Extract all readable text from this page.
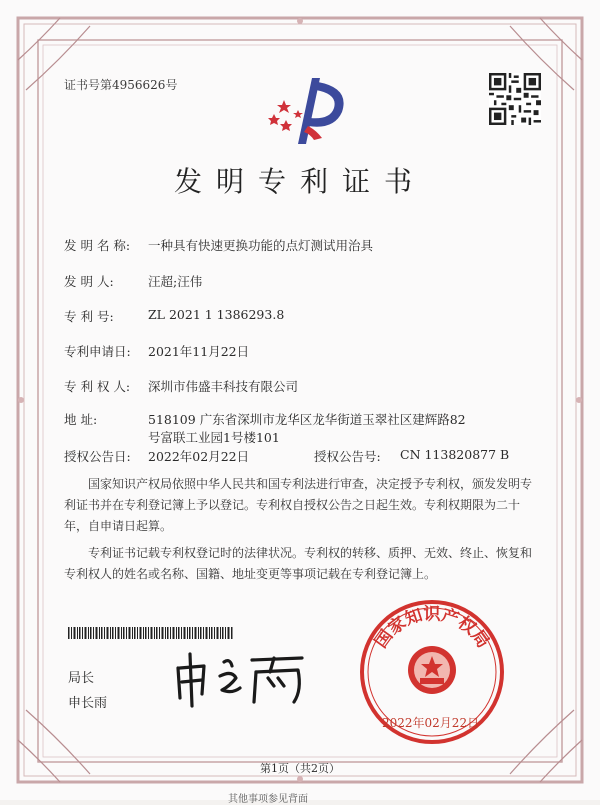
证书号第4956626号
发明专利证书
发 明 名 称: 一种具有快速更换功能的点灯测试用治具
发 明 人:	汪超;汪伟
专 利 号:	ZL 2021 1 1386293.8
专利申请日: 2021年11月22日
专 利 权 人: 深圳市伟盛丰科技有限公司
地 址:	518109 广东省深圳市龙华区龙华街道玉翠社区建辉路82
号富联工业园1号楼101
授权公告日: 2022年02月22日	授权公告号: CN 113820877 B

国家知识产权局依照中华人民共和国专利法进行审查，决定授予专利权，颁发发明专利证书并在专利登记簿上予以登记。专利权自授权公告之日起生效。专利权期限为二十年，自申请日起算。

专利证书记载专利权登记时的法律状况。专利权的转移、质押、无效、终止、恢复和专利权人的姓名或名称、国籍、地址变更等事项记载在专利登记簿上。

局长
申长雨
国家知识产权局
2022年02月22日
第1页（共2页）
其他事项参见背面
